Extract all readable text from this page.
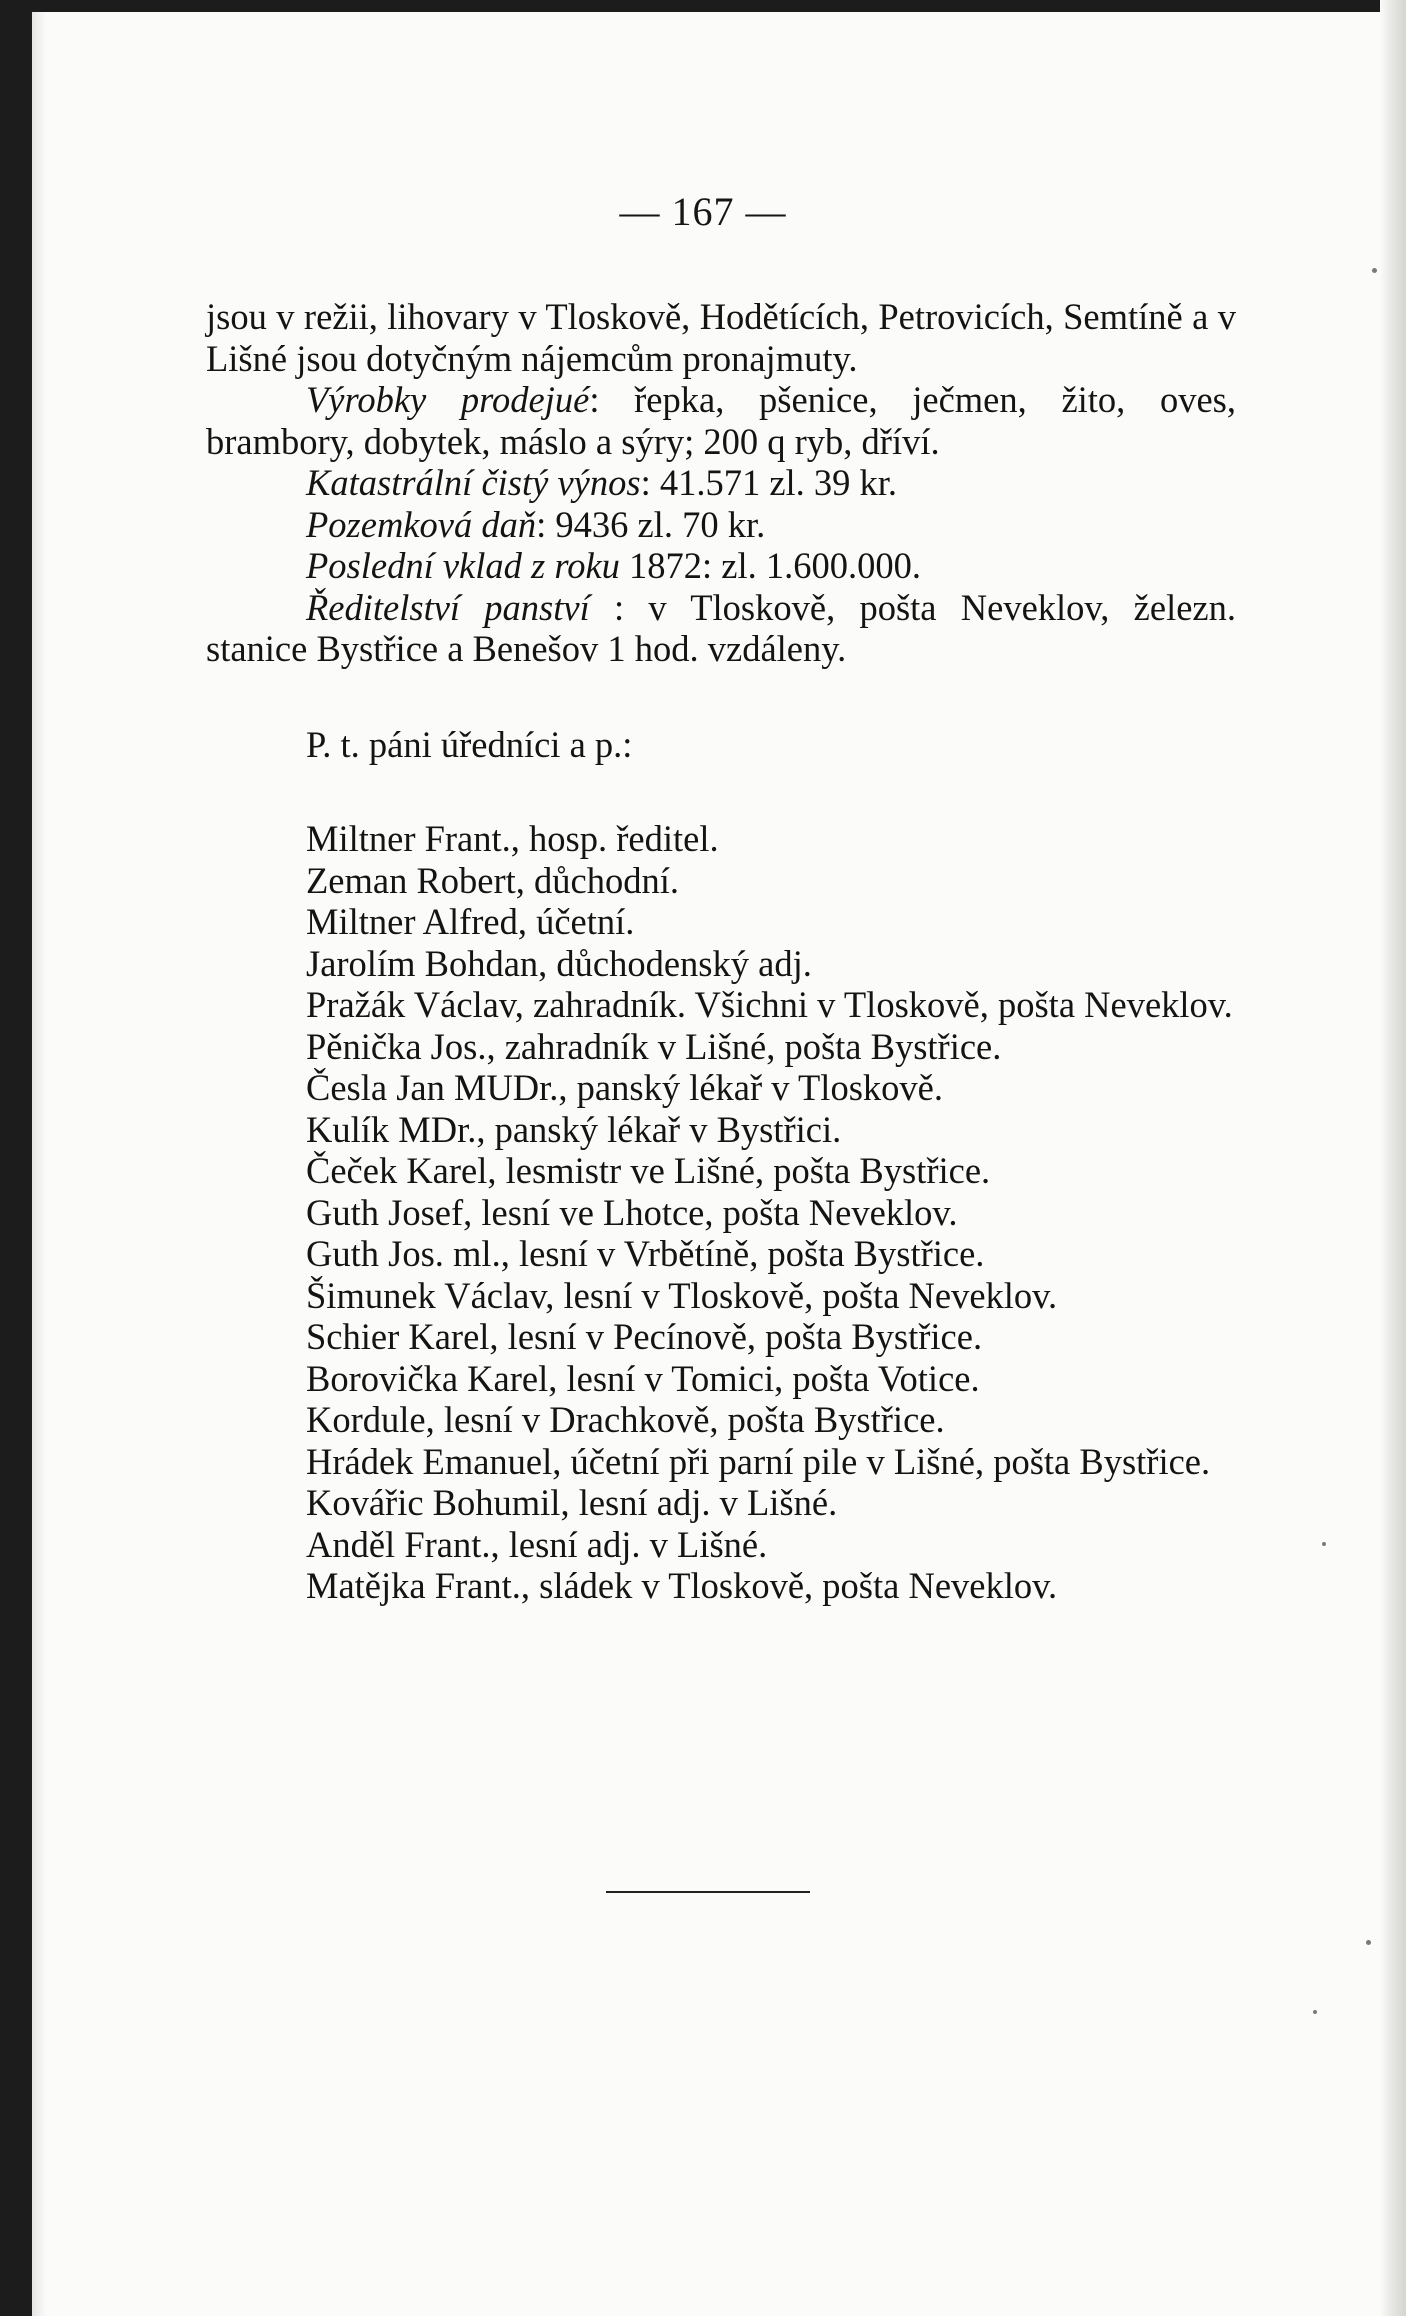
— 167 —

jsou v režii, lihovary v Tloskově, Hodětících, Petrovicích, Semtíně a v Lišné jsou dotyčným nájemcům pronajmuty.

Výrobky prodejué: řepka, pšenice, ječmen, žito, oves, brambory, dobytek, máslo a sýry; 200 q ryb, dříví.

Katastrální čistý výnos: 41.571 zl. 39 kr.

Pozemková daň: 9436 zl. 70 kr.

Poslední vklad z roku 1872: zl. 1.600.000.

Ředitelství panství : v Tloskově, pošta Neveklov, železn. stanice Bystřice a Benešov 1 hod. vzdáleny.

P. t. páni úředníci a p.:

Miltner Frant., hosp. ředitel.

Zeman Robert, důchodní.

Miltner Alfred, účetní.

Jarolím Bohdan, důchodenský adj.

Pražák Václav, zahradník. Všichni v Tloskově, pošta Neveklov.

Pěnička Jos., zahradník v Lišné, pošta Bystřice.

Česla Jan MUDr., panský lékař v Tloskově.

Kulík MDr., panský lékař v Bystřici.

Čeček Karel, lesmistr ve Lišné, pošta Bystřice.

Guth Josef, lesní ve Lhotce, pošta Neveklov.

Guth Jos. ml., lesní v Vrbětíně, pošta Bystřice.

Šimunek Václav, lesní v Tloskově, pošta Neveklov.

Schier Karel, lesní v Pecínově, pošta Bystřice.

Borovička Karel, lesní v Tomici, pošta Votice.

Kordule, lesní v Drachkově, pošta Bystřice.

Hrádek Emanuel, účetní při parní pile v Lišné, pošta Bystřice.

Kovářic Bohumil, lesní adj. v Lišné.

Anděl Frant., lesní adj. v Lišné.

Matějka Frant., sládek v Tloskově, pošta Neveklov.
